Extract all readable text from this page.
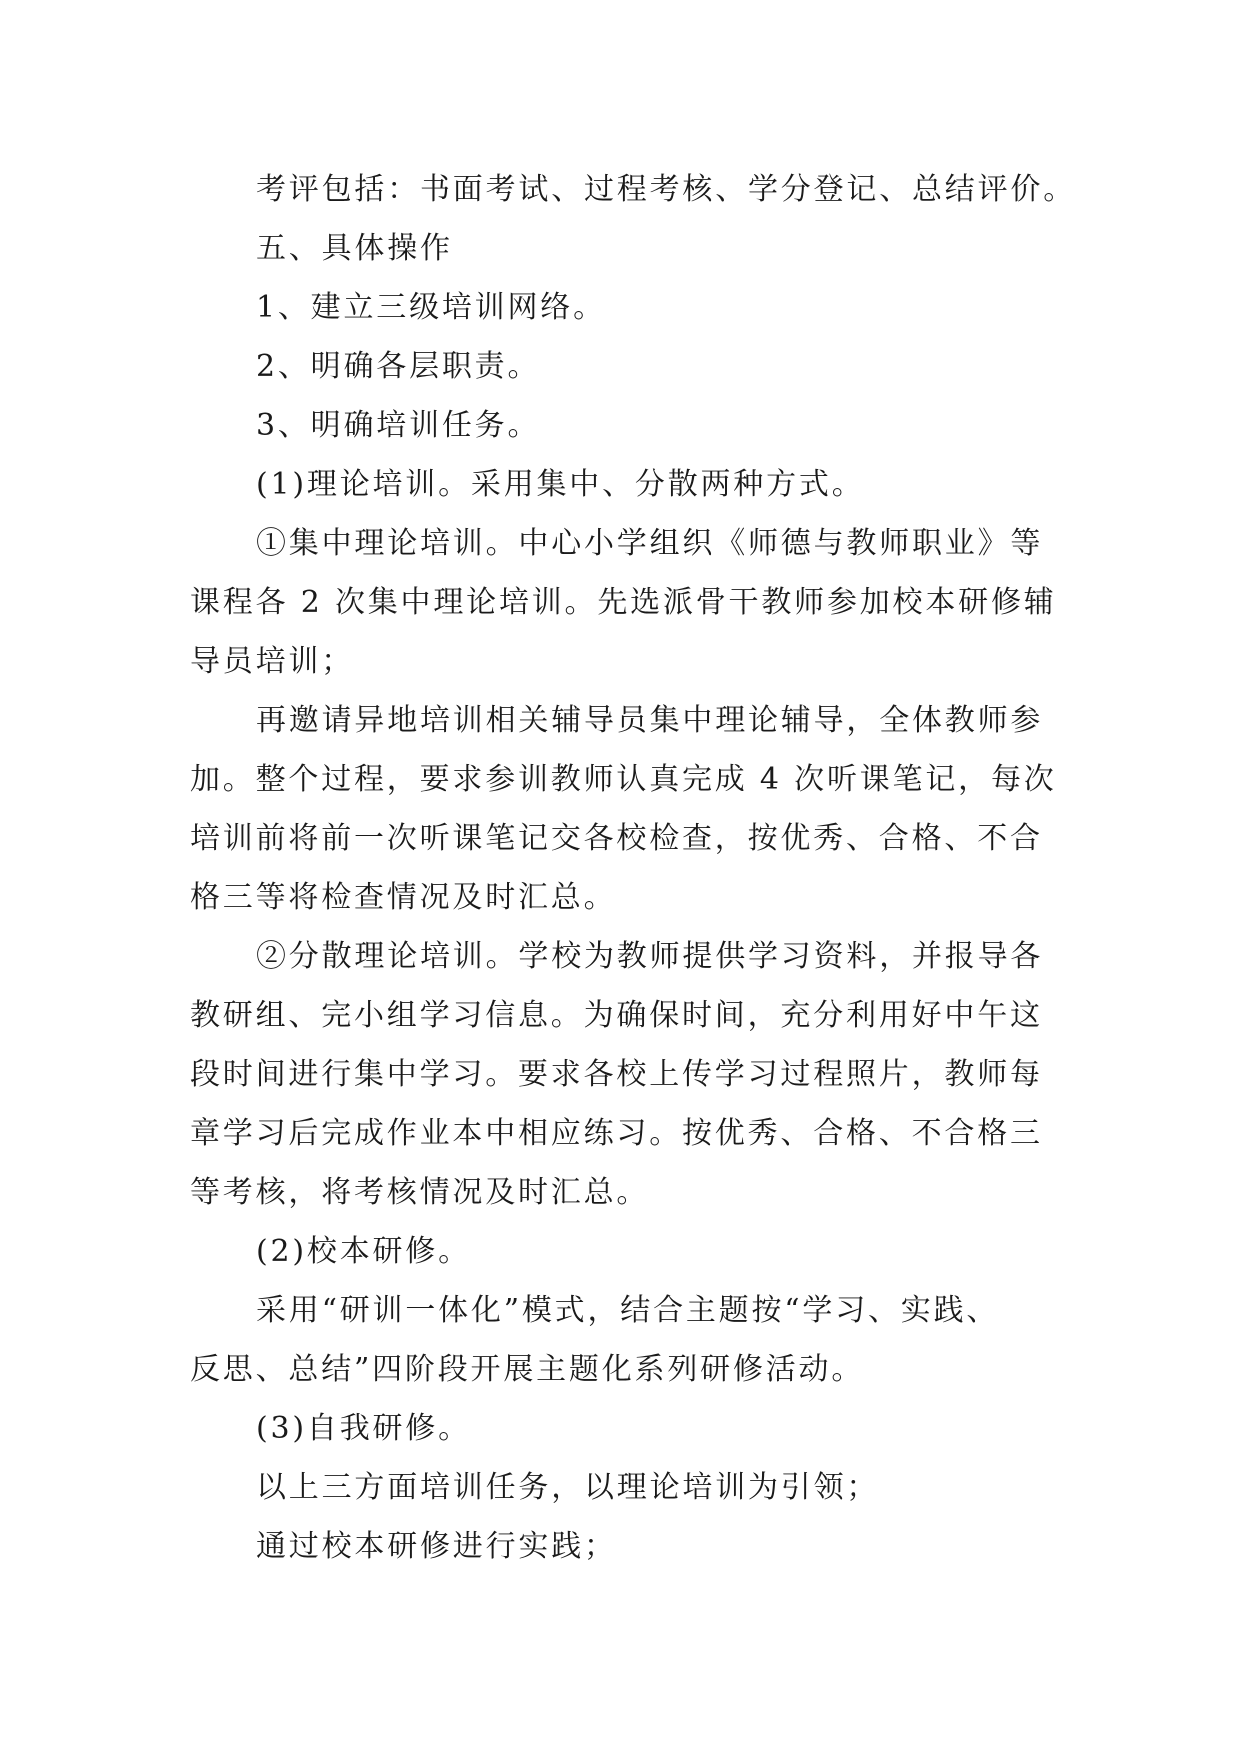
考评包括：书面考试、过程考核、学分登记、总结评价。

五、具体操作

1、建立三级培训网络。

2、明确各层职责。

3、明确培训任务。

(1)理论培训。采用集中、分散两种方式。

①集中理论培训。中心小学组织《师德与教师职业》等

课程各 2 次集中理论培训。先选派骨干教师参加校本研修辅

导员培训；

再邀请异地培训相关辅导员集中理论辅导，全体教师参

加。整个过程，要求参训教师认真完成 4 次听课笔记，每次

培训前将前一次听课笔记交各校检查，按优秀、合格、不合

格三等将检查情况及时汇总。

②分散理论培训。学校为教师提供学习资料，并报导各

教研组、完小组学习信息。为确保时间，充分利用好中午这

段时间进行集中学习。要求各校上传学习过程照片，教师每

章学习后完成作业本中相应练习。按优秀、合格、不合格三

等考核，将考核情况及时汇总。

(2)校本研修。

采用“研训一体化”模式，结合主题按“学习、实践、

反思、总结”四阶段开展主题化系列研修活动。

(3)自我研修。

以上三方面培训任务，以理论培训为引领；

通过校本研修进行实践；
